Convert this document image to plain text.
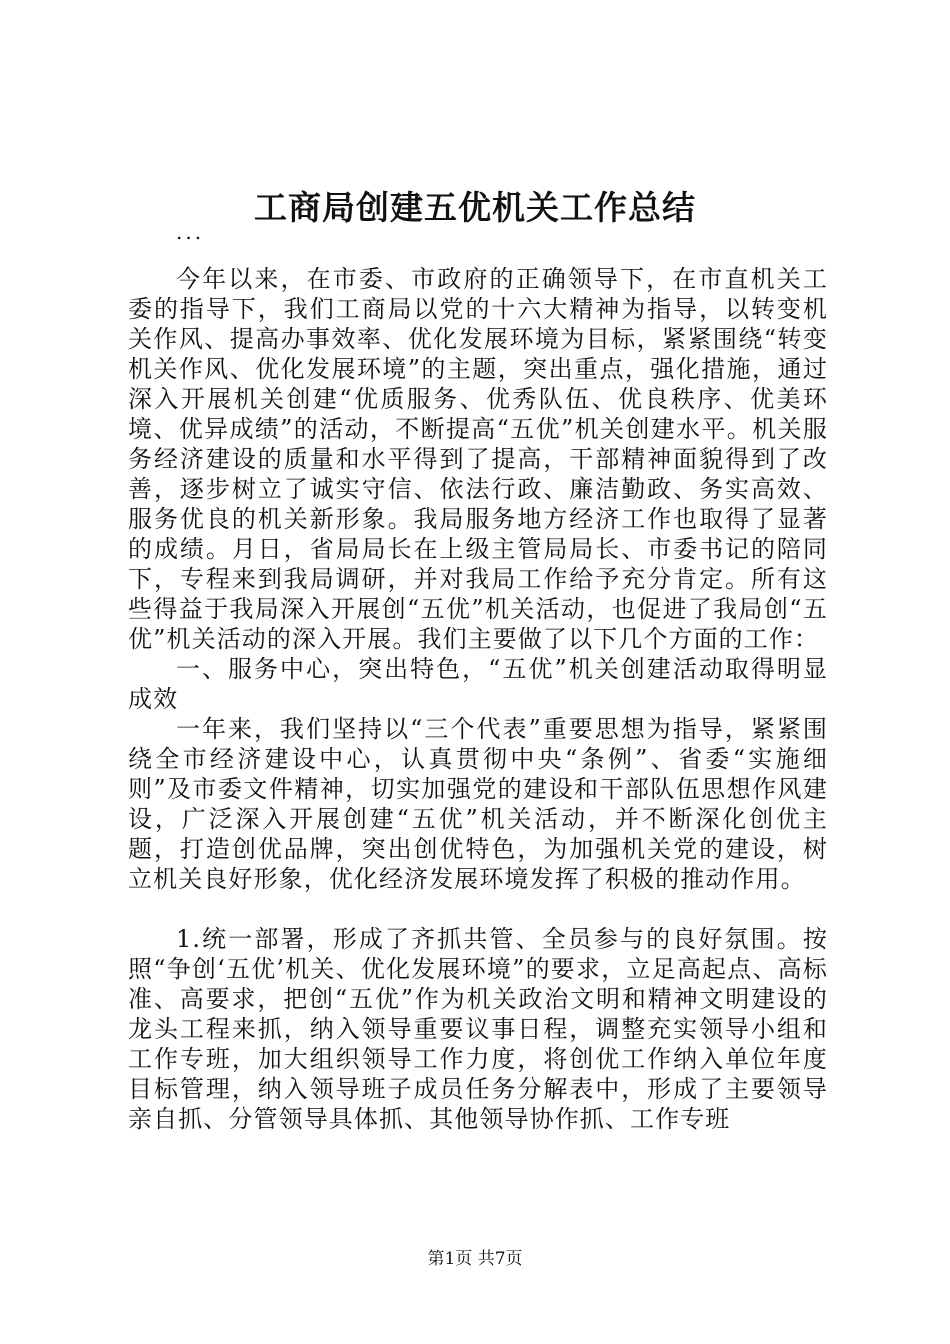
工商局创建五优机关工作总结
...

今年以来，在市委、市政府的正确领导下，在市直机关工委的指导下，我们工商局以党的十六大精神为指导，以转变机关作风、提高办事效率、优化发展环境为目标，紧紧围绕“转变机关作风、优化发展环境”的主题，突出重点，强化措施，通过深入开展机关创建“优质服务、优秀队伍、优良秩序、优美环境、优异成绩”的活动，不断提高“五优”机关创建水平。机关服务经济建设的质量和水平得到了提高，干部精神面貌得到了改善，逐步树立了诚实守信、依法行政、廉洁勤政、务实高效、服务优良的机关新形象。我局服务地方经济工作也取得了显著的成绩。月日，省局局长在上级主管局局长、市委书记的陪同下，专程来到我局调研，并对我局工作给予充分肯定。所有这些得益于我局深入开展创“五优”机关活动，也促进了我局创“五优”机关活动的深入开展。我们主要做了以下几个方面的工作：

一、服务中心，突出特色，“五优”机关创建活动取得明显成效

一年来，我们坚持以“三个代表”重要思想为指导，紧紧围绕全市经济建设中心，认真贯彻中央“条例”、省委“实施细则”及市委文件精神，切实加强党的建设和干部队伍思想作风建设，广泛深入开展创建“五优”机关活动，并不断深化创优主题，打造创优品牌，突出创优特色，为加强机关党的建设，树立机关良好形象，优化经济发展环境发挥了积极的推动作用。

1.统一部署，形成了齐抓共管、全员参与的良好氛围。按照“争创‘五优’机关、优化发展环境”的要求，立足高起点、高标准、高要求，把创“五优”作为机关政治文明和精神文明建设的龙头工程来抓，纳入领导重要议事日程，调整充实领导小组和工作专班，加大组织领导工作力度，将创优工作纳入单位年度目标管理，纳入领导班子成员任务分解表中，形成了主要领导亲自抓、分管领导具体抓、其他领导协作抓、工作专班

第1页 共7页
